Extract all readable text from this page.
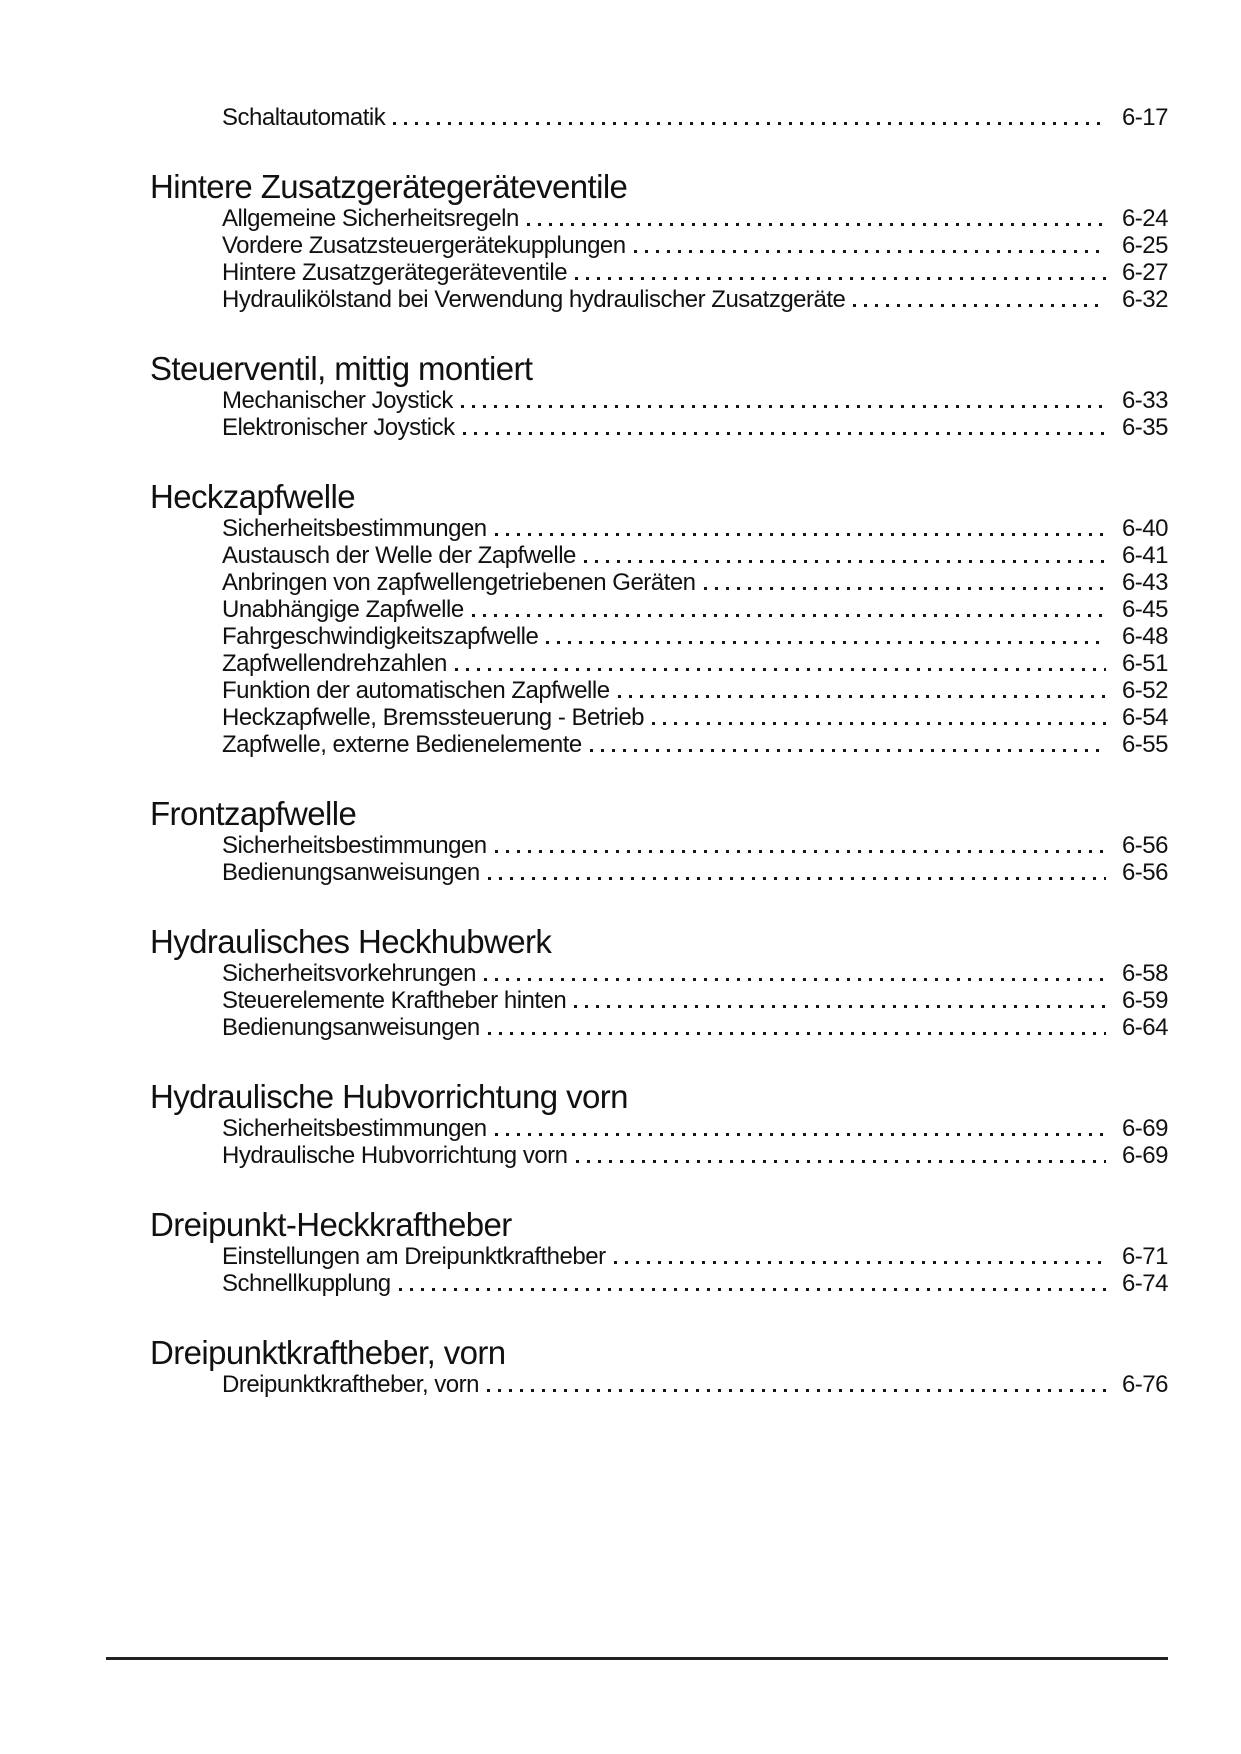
Schaltautomatik	6-17
Hintere Zusatzgerätegeräteventile
Allgemeine Sicherheitsregeln	6-24
Vordere Zusatzsteuergerätekupplungen	6-25
Hintere Zusatzgerätegeräteventile	6-27
Hydraulikölstand bei Verwendung hydraulischer Zusatzgeräte	6-32
Steuerventil, mittig montiert
Mechanischer Joystick	6-33
Elektronischer Joystick	6-35
Heckzapfwelle
Sicherheitsbestimmungen	6-40
Austausch der Welle der Zapfwelle	6-41
Anbringen von zapfwellengetriebenen Geräten	6-43
Unabhängige Zapfwelle	6-45
Fahrgeschwindigkeitszapfwelle	6-48
Zapfwellendrehzahlen	6-51
Funktion der automatischen Zapfwelle	6-52
Heckzapfwelle, Bremssteuerung - Betrieb	6-54
Zapfwelle, externe Bedienelemente	6-55
Frontzapfwelle
Sicherheitsbestimmungen	6-56
Bedienungsanweisungen	6-56
Hydraulisches Heckhubwerk
Sicherheitsvorkehrungen	6-58
Steuerelemente Kraftheber hinten	6-59
Bedienungsanweisungen	6-64
Hydraulische Hubvorrichtung vorn
Sicherheitsbestimmungen	6-69
Hydraulische Hubvorrichtung vorn	6-69
Dreipunkt-Heckkraftheber
Einstellungen am Dreipunktkraftheber	6-71
Schnellkupplung	6-74
Dreipunktkraftheber, vorn
Dreipunktkraftheber, vorn	6-76
